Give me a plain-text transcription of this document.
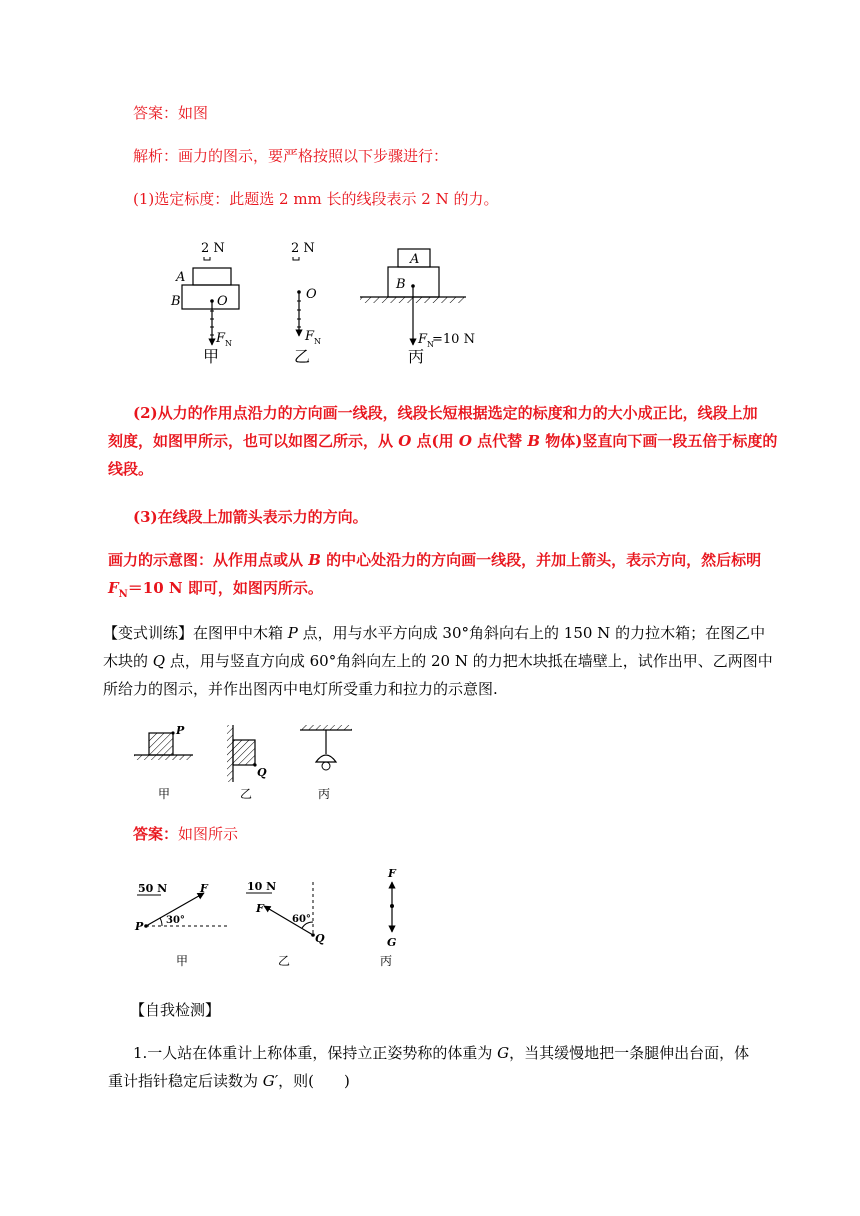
答案：如图
解析：画力的图示，要严格按照以下步骤进行：
(1)选定标度：此题选 2 mm 长的线段表示 2 N 的力。
2 N
A
B	O
F N
甲
2 N
O
F N
乙
A
B
F N
=10 N
丙
(2)从力的作用点沿力的方向画一线段，线段长短根据选定的标度和力的大小成正比，线段上加
刻度，如图甲所示，也可以如图乙所示，从 O 点(用 O 点代替 B 物体)竖直向下画一段五倍于标度的
线段。
(3)在线段上加箭头表示力的方向。
画力的示意图：从作用点或从 B 的中心处沿力的方向画一线段，并加上箭头，表示方向，然后标明
$F_N=10$ N 即可，如图丙所示。
【变式训练】在图甲中木箱 P 点，用与水平方向成 30°角斜向右上的 150 N 的力拉木箱；在图乙中
木块的 Q 点，用与竖直方向成 60°角斜向左上的 20 N 的力把木块抵在墙壁上，试作出甲、乙两图中
所给力的图示，并作出图丙中电灯所受重力和拉力的示意图.
P
甲
Q
乙	丙
答案：如图所示
50 N
P
F
30°
甲
10 N
Q
F
60°
乙
F
G
丙
【自我检测】
1.一人站在体重计上称体重，保持立正姿势称的体重为 G，当其缓慢地把一条腿伸出台面，体
重计指针稳定后读数为 G′，则(　　)
